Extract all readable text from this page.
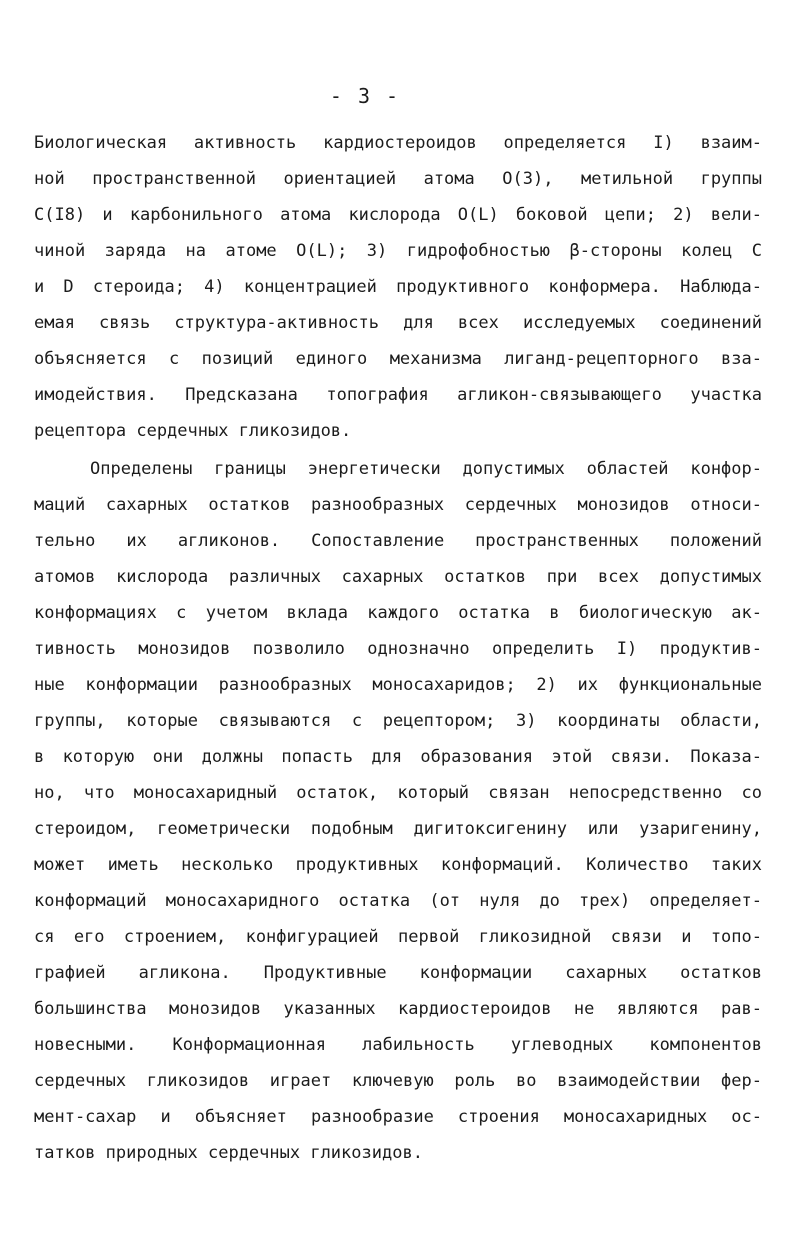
- 3 -
Биологическая активность кардиостероидов определяется I) взаим-
ной пространственной ориентацией атома О(3), метильной группы
С(I8) и карбонильного атома кислорода О(L) боковой цепи; 2) вели-
чиной заряда на атоме О(L); 3) гидрофобностью β-стороны колец С
и D стероида; 4) концентрацией продуктивного конформера. Наблюда-
емая связь структура-активность для всех исследуемых соединений
объясняется с позиций единого механизма лиганд-рецепторного вза-
имодействия. Предсказана топография агликон-связывающего участка
рецептора сердечных гликозидов.
Определены границы энергетически допустимых областей конфор-
маций сахарных остатков разнообразных сердечных монозидов относи-
тельно их агликонов. Сопоставление пространственных положений
атомов кислорода различных сахарных остатков при всех допустимых
конформациях с учетом вклада каждого остатка в биологическую ак-
тивность монозидов позволило однозначно определить I) продуктив-
ные конформации разнообразных моносахаридов; 2) их функциональные
группы, которые связываются с рецептором; 3) координаты области,
в которую они должны попасть для образования этой связи. Показа-
но, что моносахаридный остаток, который связан непосредственно со
стероидом, геометрически подобным дигитоксигенину или узаригенину,
может иметь несколько продуктивных конформаций. Количество таких
конформаций моносахаридного остатка (от нуля до трех) определяет-
ся его строением, конфигурацией первой гликозидной связи и топо-
графией агликона. Продуктивные конформации сахарных остатков
большинства монозидов указанных кардиостероидов не являются рав-
новесными. Конформационная лабильность углеводных компонентов
сердечных гликозидов играет ключевую роль во взаимодействии фер-
мент-сахар и объясняет разнообразие строения моносахаридных ос-
татков природных сердечных гликозидов.
